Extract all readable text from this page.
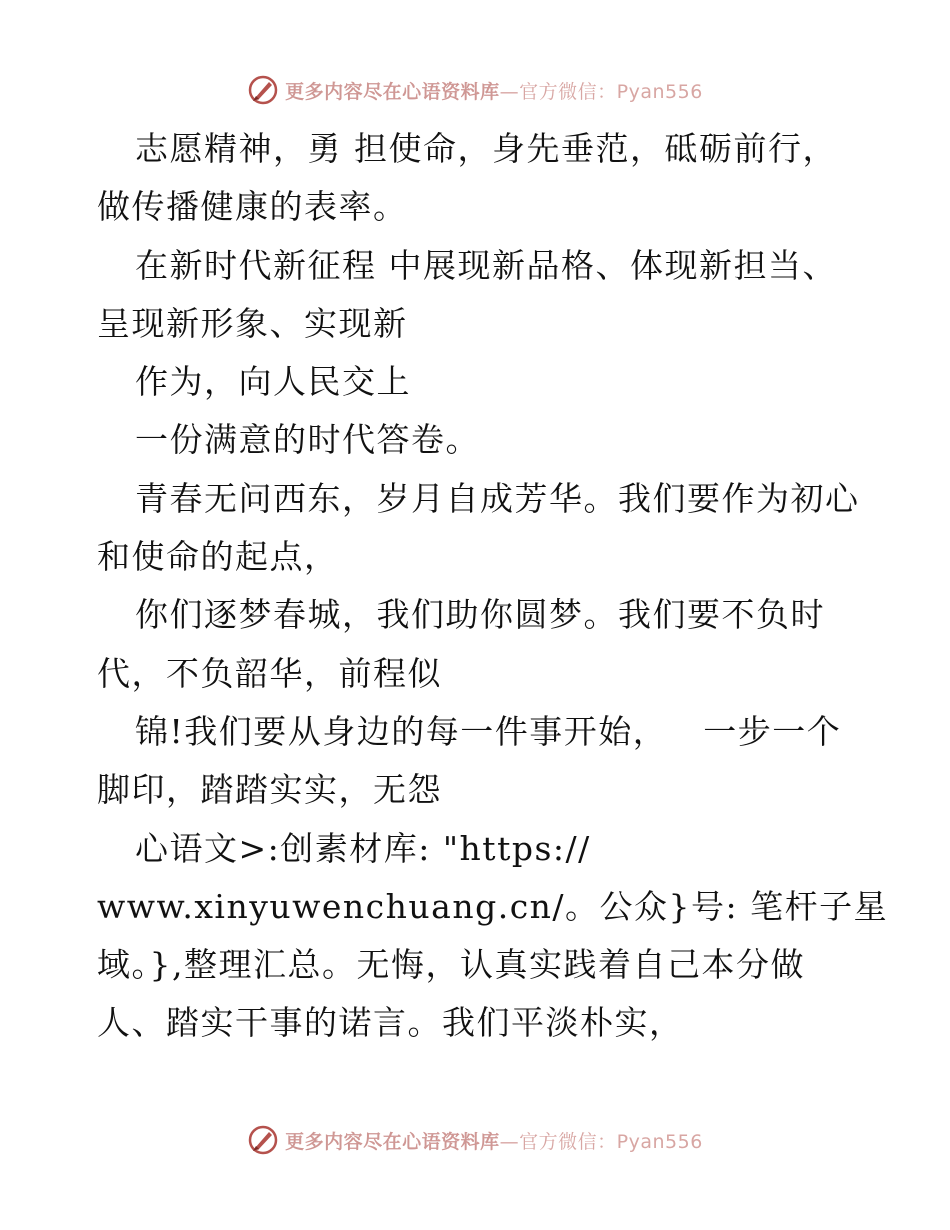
更多内容尽在心语资料库—官方微信：Pyan556
志愿精神，勇 担使命，身先垂范，砥砺前行，
做传播健康的表率。
在新时代新征程 中展现新品格、体现新担当、
呈现新形象、实现新
作为，向人民交上
一份满意的时代答卷。
青春无问西东，岁月自成芳华。我们要作为初心
和使命的起点，
你们逐梦春城，我们助你圆梦。我们要不负时
代，不负韶华，前程似
锦!我们要从身边的每一件事开始，   一步一个
脚印，踏踏实实，无怨
心语文>:创素材库: "https://
www.xinyuwenchuang.cn/。公众}号: 笔杆子星
域。},整理汇总。无悔，认真实践着自己本分做
人、踏实干事的诺言。我们平淡朴实，
更多内容尽在心语资料库—官方微信：Pyan556
